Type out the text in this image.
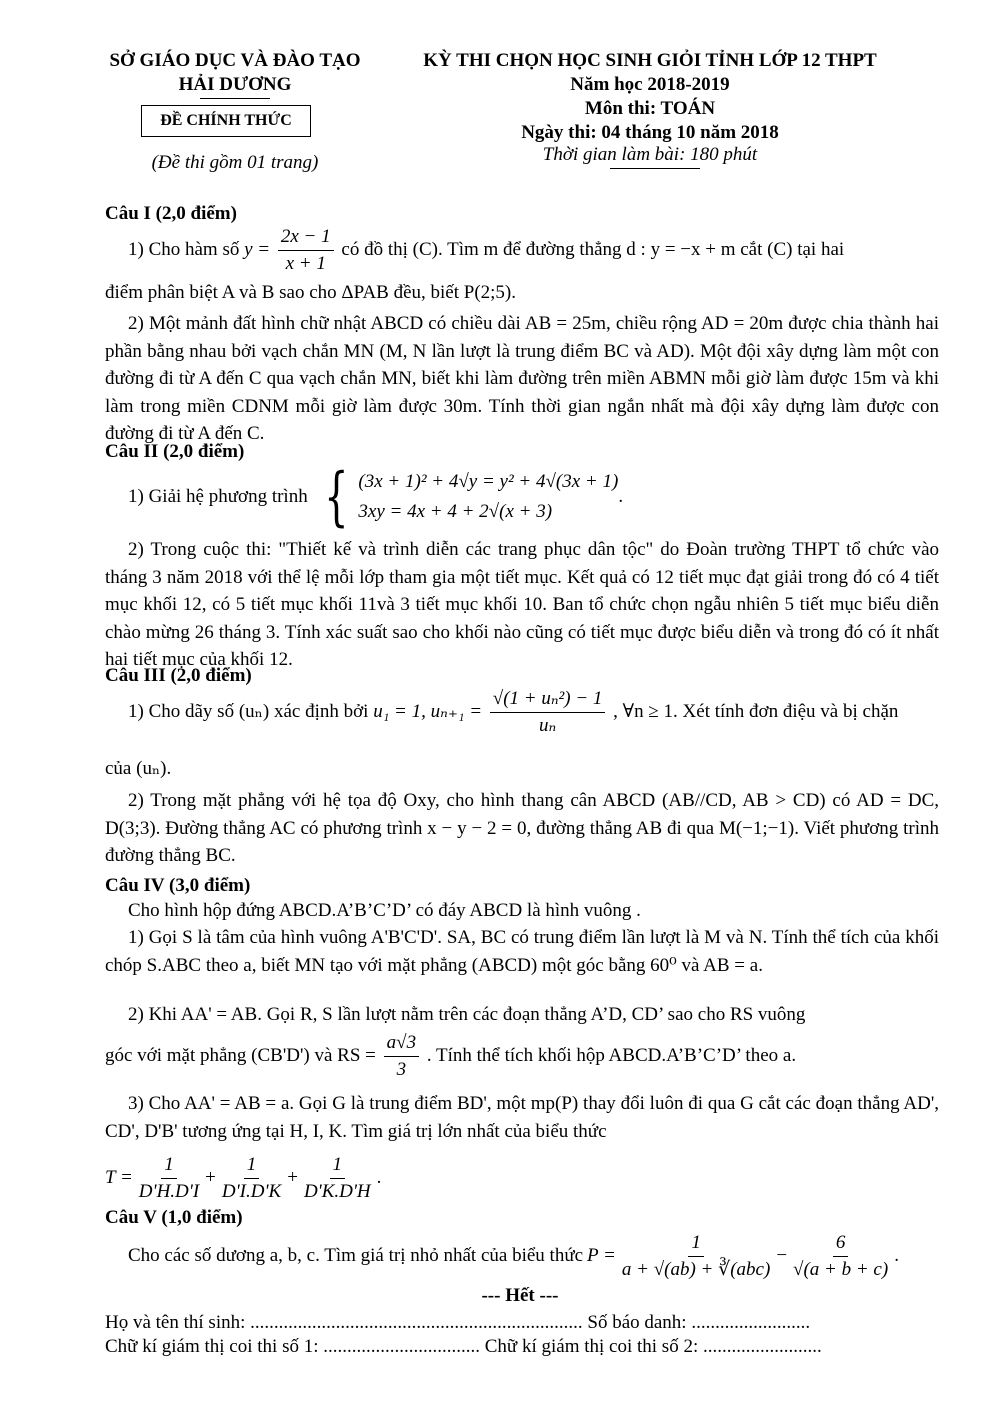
SỞ GIÁO DỤC VÀ ĐÀO TẠO
HẢI DƯƠNG
ĐỀ CHÍNH THỨC
(Đề thi gồm 01 trang)
KỲ THI CHỌN HỌC SINH GIỎI TỈNH LỚP 12 THPT
Năm học 2018-2019
Môn thi: TOÁN
Ngày thi: 04 tháng 10 năm 2018
Thời gian làm bài: 180 phút
Câu I (2,0 điểm)
1) Cho hàm số $y = \frac{2x - 1}{x + 1}$ có đồ thị (C). Tìm m để đường thẳng d : y = −x + m cắt (C) tại hai
điểm phân biệt A và B sao cho ΔPAB đều, biết P(2;5).
2) Một mảnh đất hình chữ nhật ABCD có chiều dài AB = 25m, chiều rộng AD = 20m được chia thành hai phần bằng nhau bởi vạch chắn MN (M, N lần lượt là trung điểm BC và AD). Một đội xây dựng làm một con đường đi từ A đến C qua vạch chắn MN, biết khi làm đường trên miền ABMN mỗi giờ làm được 15m và khi làm trong miền CDNM mỗi giờ làm được 30m. Tính thời gian ngắn nhất mà đội xây dựng làm được con đường đi từ A đến C.
Câu II (2,0 điểm)
1) Giải hệ phương trình { (3x + 1)² + 4√y = y² + 4√(3x + 1)
3xy = 4x + 4 + 2√(x + 3)
.
2) Trong cuộc thi: "Thiết kế và trình diễn các trang phục dân tộc" do Đoàn trường THPT tổ chức vào tháng 3 năm 2018 với thể lệ mỗi lớp tham gia một tiết mục. Kết quả có 12 tiết mục đạt giải trong đó có 4 tiết mục khối 12, có 5 tiết mục khối 11và 3 tiết mục khối 10. Ban tổ chức chọn ngẫu nhiên 5 tiết mục biểu diễn chào mừng 26 tháng 3. Tính xác suất sao cho khối nào cũng có tiết mục được biểu diễn và trong đó có ít nhất hai tiết mục của khối 12.
Câu III (2,0 điểm)
1) Cho dãy số (uₙ) xác định bởi u₁ = 1, $u_{n+1} = \frac{\text{√(1 + uₙ²) − 1}}{\text{uₙ}}$ , ∀n ≥ 1. Xét tính đơn điệu và bị chặn
của (uₙ).
2) Trong mặt phẳng với hệ tọa độ Oxy, cho hình thang cân ABCD (AB//CD, AB > CD) có AD = DC, D(3;3). Đường thẳng AC có phương trình x − y − 2 = 0, đường thẳng AB đi qua M(−1;−1). Viết phương trình đường thẳng BC.
Câu IV (3,0 điểm)
Cho hình hộp đứng ABCD.A’B’C’D’ có đáy ABCD là hình vuông .
1) Gọi S là tâm của hình vuông A'B'C'D'. SA, BC có trung điểm lần lượt là M và N. Tính thể tích của khối chóp S.ABC theo a, biết MN tạo với mặt phẳng (ABCD) một góc bằng 60⁰ và AB = a.
2) Khi AA' = AB. Gọi R, S lần lượt nằm trên các đoạn thẳng A’D, CD’ sao cho RS vuông
góc với mặt phẳng (CB'D') và RS = $\frac{a√3}{3}$ . Tính thể tích khối hộp ABCD.A’B’C’D’ theo a.
3) Cho AA' = AB = a. Gọi G là trung điểm BD', một mp(P) thay đổi luôn đi qua G cắt các đoạn thẳng AD', CD', D'B' tương ứng tại H, I, K. Tìm giá trị lớn nhất của biểu thức
$T = \frac{1}{D'H.D'I} + \frac{1}{D'I.D'K} + \frac{1}{D'K.D'H}$ .
Câu V (1,0 điểm)
Cho các số dương a, b, c. Tìm giá trị nhỏ nhất của biểu thức $P = \frac{1}{\text{a + √(ab) + ∛(abc)}} - \frac{6}{√(a + b + c)}$ .
--- Hết ---
Họ và tên thí sinh: ...................................................................... Số báo danh: .........................
Chữ kí giám thị coi thi số 1: ................................. Chữ kí giám thị coi thi số 2: .........................
